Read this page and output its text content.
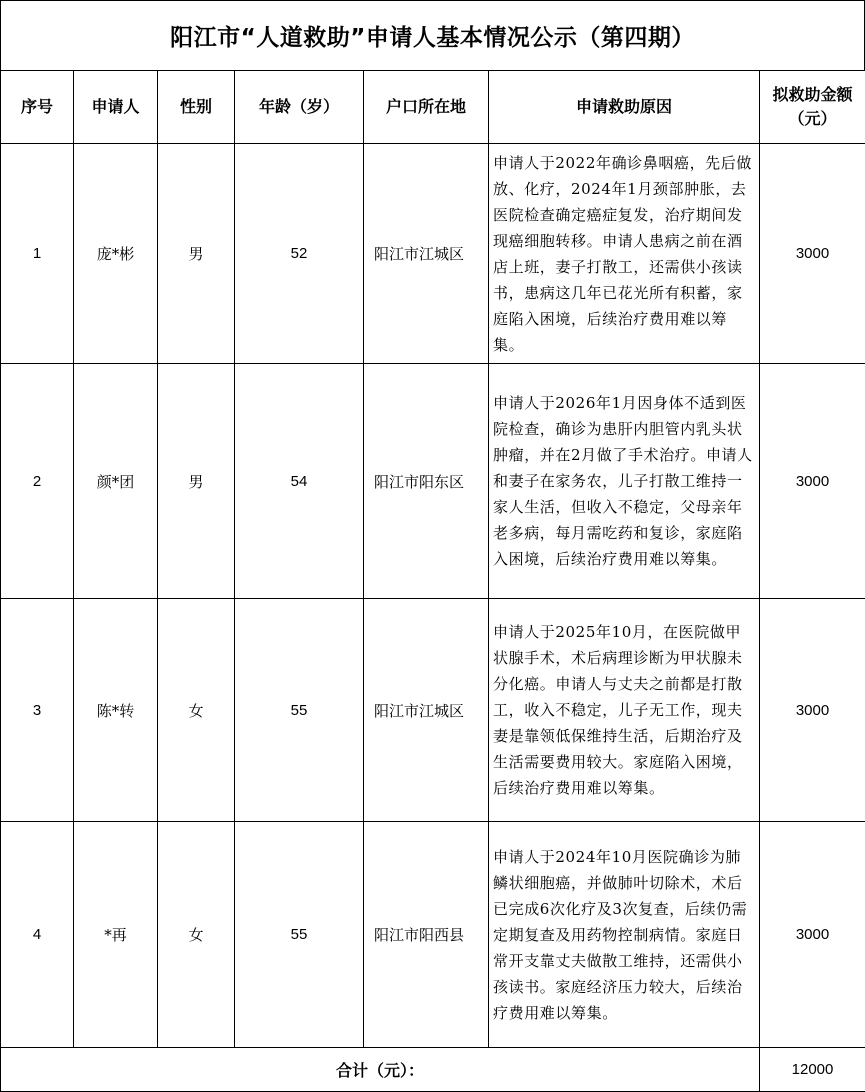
阳江市“人道救助”申请人基本情况公示（第四期）
序号	申请人	性别	年龄（岁）	户口所在地	申请救助原因	拟救助金额
（元）

1	庞*彬	男	52	阳江市江城区	申请人于2022年确诊鼻咽癌，先后做放、化疗，2024年1月颈部肿胀，去医院检查确定癌症复发，治疗期间发现癌细胞转移。申请人患病之前在酒店上班，妻子打散工，还需供小孩读书，患病这几年已花光所有积蓄，家庭陷入困境，后续治疗费用难以筹集。	3000
2	颜*团	男	54	阳江市阳东区	申请人于2026年1月因身体不适到医院检查，确诊为患肝内胆管内乳头状肿瘤，并在2月做了手术治疗。申请人和妻子在家务农，儿子打散工维持一家人生活，但收入不稳定，父母亲年老多病，每月需吃药和复诊，家庭陷入困境，后续治疗费用难以筹集。	3000
3	陈*转	女	55	阳江市江城区	申请人于2025年10月，在医院做甲状腺手术，术后病理诊断为甲状腺未分化癌。申请人与丈夫之前都是打散工，收入不稳定，儿子无工作，现夫妻是靠领低保维持生活，后期治疗及生活需要费用较大。家庭陷入困境，后续治疗费用难以筹集。	3000
4	*再	女	55	阳江市阳西县	申请人于2024年10月医院确诊为肺鳞状细胞癌，并做肺叶切除术，术后已完成6次化疗及3次复查，后续仍需定期复查及用药物控制病情。家庭日常开支靠丈夫做散工维持，还需供小孩读书。家庭经济压力较大，后续治疗费用难以筹集。	3000
合计（元）：						12000
